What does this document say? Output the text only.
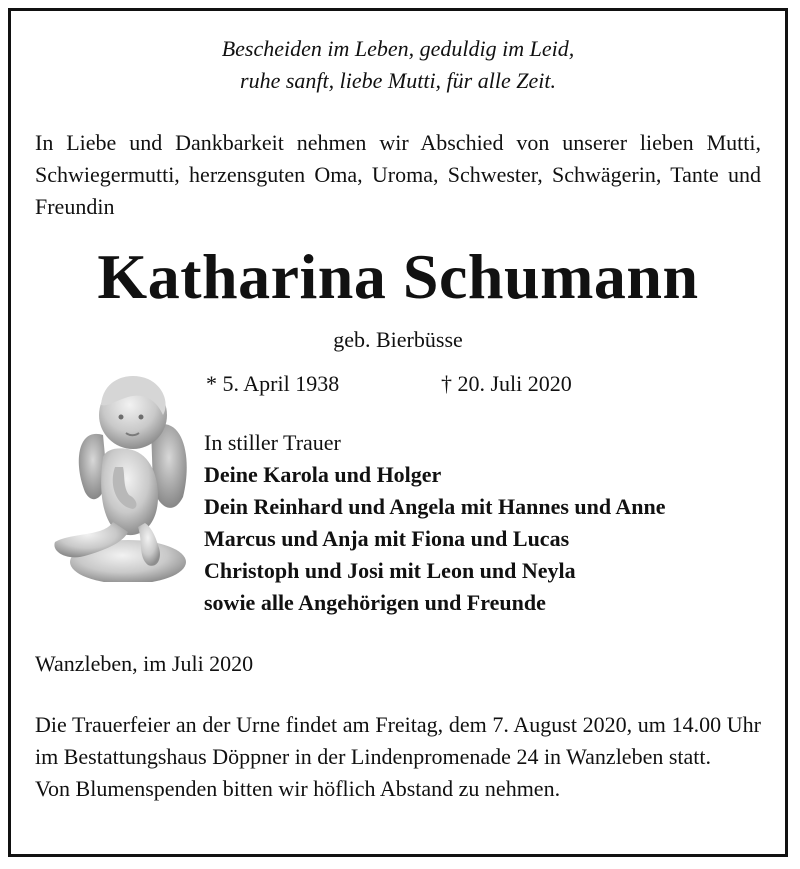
Bescheiden im Leben, geduldig im Leid,
ruhe sanft, liebe Mutti, für alle Zeit.
In Liebe und Dankbarkeit nehmen wir Abschied von unserer lieben Mutti, Schwiegermutti, herzensguten Oma, Uroma, Schwester, Schwägerin, Tante und Freundin
Katharina Schumann
geb. Bierbüsse
* 5. April 1938	† 20. Juli 2020
In stiller Trauer
Deine Karola und Holger
Dein Reinhard und Angela mit Hannes und Anne
Marcus und Anja mit Fiona und Lucas
Christoph und Josi mit Leon und Neyla
sowie alle Angehörigen und Freunde
Wanzleben, im Juli 2020
Die Trauerfeier an der Urne findet am Freitag, dem 7. August 2020, um 14.00 Uhr im Bestattungshaus Döppner in der Lindenpromenade 24 in Wanzleben statt.
Von Blumenspenden bitten wir höflich Abstand zu nehmen.
